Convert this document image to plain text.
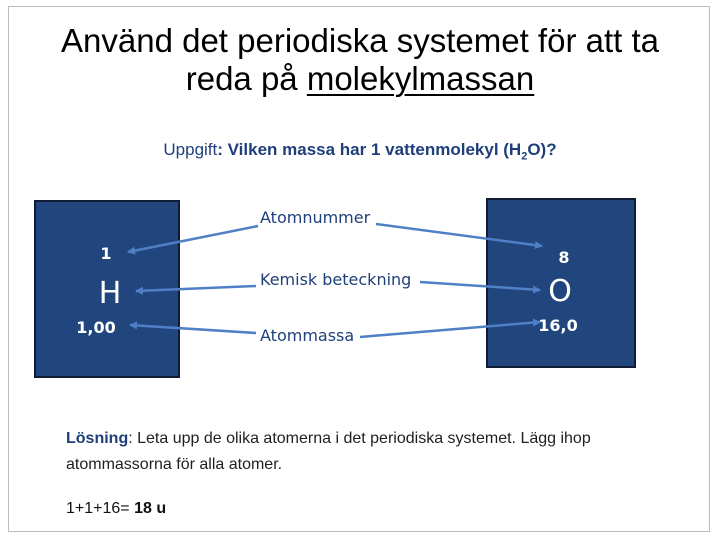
Använd det periodiska systemet för att ta
reda på molekylmassan
Uppgift: Vilken massa har 1 vattenmolekyl $(H_2O)$?
1
H
1,00
8
O
16,0
Atomnummer
Kemisk beteckning
Atommassa
Lösning: Leta upp de olika atomerna i det periodiska systemet. Lägg ihop atommassorna för alla atomer.
1+1+16= 18 u
